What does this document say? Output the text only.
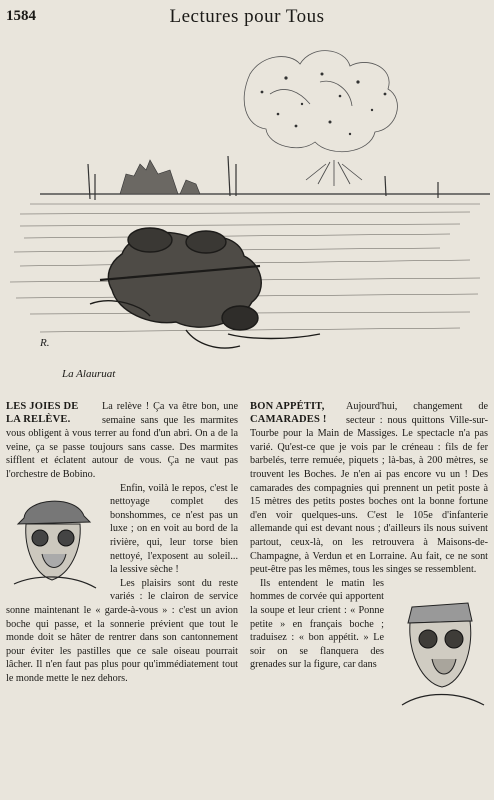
1584	Lectures pour Tous
R.
La Alauruat
LES JOIES DE LA RELÈVE.

La relève ! Ça va être bon, une semaine sans que les marmites vous obligent à vous terrer au fond d'un abri. On a de la veine, ça se passe toujours sans casse. Des marmites sifflent et éclatent autour de vous. Ça ne vaut pas l'orchestre de Bobino.

Enfin, voilà le repos, c'est le nettoyage complet des bonshommes, ce n'est pas un luxe ; on en voit au bord de la rivière, qui, leur torse bien nettoyé, l'exposent au soleil... la lessive sèche !

Les plaisirs sont du reste variés : le clairon de service sonne maintenant le « garde-à-vous » : c'est un avion boche qui passe, et la sonnerie prévient que tout le monde doit se hâter de rentrer dans son cantonnement pour éviter les pastilles que ce sale oiseau pourrait lâcher. Il n'en faut pas plus pour qu'immédiatement tout le monde mette le nez dehors.

BON APPÉTIT, CAMARADES !

Aujourd'hui, changement de secteur : nous quittons Ville-sur-Tourbe pour la Main de Massiges. Le spectacle n'a pas varié. Qu'est-ce que je vois par le créneau : fils de fer barbelés, terre remuée, piquets ; là-bas, à 200 mètres, se trouvent les Boches. Je n'en ai pas encore vu un ! Des camarades des compagnies qui prennent un petit poste à 15 mètres des petits postes boches ont la bonne fortune d'en voir quelques-uns. C'est le 105e d'infanterie allemande qui est devant nous ; d'ailleurs ils nous suivent partout, ceux-là, on les retrouvera à Maisons-de-Champagne, à Verdun et en Lorraine. Au fait, ce ne sont peut-être pas les mêmes, tous les singes se ressemblent.

Ils entendent le matin les hommes de corvée qui apportent la soupe et leur crient : « Ponne petite » en français boche ; traduisez : « bon appétit. » Le soir on se flanquera des grenades sur la figure, car dans
